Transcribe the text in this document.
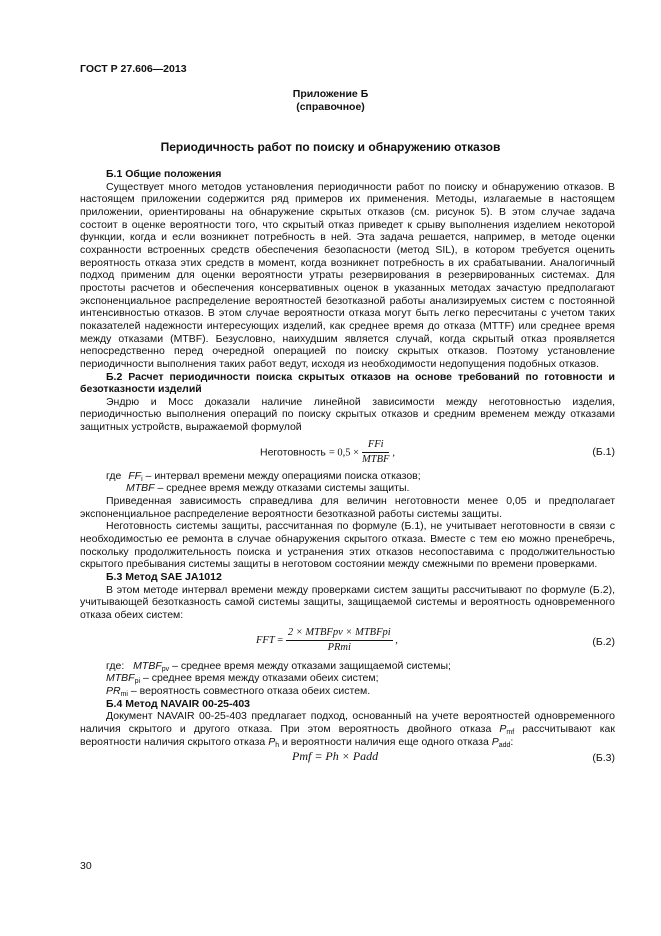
ГОСТ Р 27.606—2013
Приложение Б
(справочное)
Периодичность работ по поиску и обнаружению отказов
Б.1 Общие положения

Существует много методов установления периодичности работ по поиску и обнаружению отказов. В настоящем приложении содержится ряд примеров их применения. Методы, излагаемые в настоящем приложении, ориентированы на обнаружение скрытых отказов (см. рисунок 5). В этом случае задача состоит в оценке вероятности того, что скрытый отказ приведет к срыву выполнения изделием некоторой функции, когда и если возникнет потребность в ней. Эта задача решается, например, в методе оценки сохранности встроенных средств обеспечения безопасности (метод SIL), в котором требуется оценить вероятность отказа этих средств в момент, когда возникнет потребность в их срабатывании. Аналогичный подход применим для оценки вероятности утраты резервирования в резервированных системах. Для простоты расчетов и обеспечения консервативных оценок в указанных методах зачастую предполагают экспоненциальное распределение вероятностей безотказной работы анализируемых систем с постоянной интенсивностью отказов. В этом случае вероятности отказа могут быть легко пересчитаны с учетом таких показателей надежности интересующих изделий, как среднее время до отказа (MTTF) или среднее время между отказами (MTBF). Безусловно, наихудшим является случай, когда скрытый отказ проявляется непосредственно перед очередной операцией по поиску скрытых отказов. Поэтому установление периодичности выполнения таких работ ведут, исходя из необходимости недопущения подобных отказов.

Б.2 Расчет периодичности поиска скрытых отказов на основе требований по готовности и безотказности изделий

Эндрю и Мосс доказали наличие линейной зависимости между неготовностью изделия, периодичностью выполнения операций по поиску скрытых отказов и средним временем между отказами защитных устройств, выражаемой формулой

Неготовность = $0,5 \times \frac{\text{FFi}}{\text{MTBF}}$ ,	(Б.1)
где $FF_i$ – интервал времени между операциями поиска отказов;
MTBF – среднее время между отказами системы защиты.

Приведенная зависимость справедлива для величин неготовности менее 0,05 и предполагает экспоненциальное распределение вероятности безотказной работы системы защиты.

Неготовность системы защиты, рассчитанная по формуле (Б.1), не учитывает неготовности в связи с необходимостью ее ремонта в случае обнаружения скрытого отказа. Вместе с тем ею можно пренебречь, поскольку продолжительность поиска и устранения этих отказов несопоставима с продолжительностью скрытого пребывания системы защиты в неготовом состоянии между смежными по времени проверками.

Б.3 Метод SAE JA1012

В этом методе интервал времени между проверками систем защиты рассчитывают по формуле (Б.2), учитывающей безотказность самой системы защиты, защищаемой системы и вероятность одновременного отказа обеих систем:

FFT = $\frac{\text{2 × MTBFpv × MTBFpi}}{\text{PRmi}}$ ,	(Б.2)
где: $MTBF_{pv}$ – среднее время между отказами защищаемой системы;
$MTBF_{pi}$ – среднее время между отказами обеих систем;
$PR_{mi}$ – вероятность совместного отказа обеих систем.
Б.4 Метод NAVAIR 00-25-403

Документ NAVAIR 00-25-403 предлагает подход, основанный на учете вероятностей одновременного наличия скрытого и другого отказа. При этом вероятность двойного отказа $P_{mf}$ рассчитывают как вероятности наличия скрытого отказа $P_h$ и вероятности наличия еще одного отказа $P_{add}$:

Pmf = Ph × Padd	(Б.3)
30
